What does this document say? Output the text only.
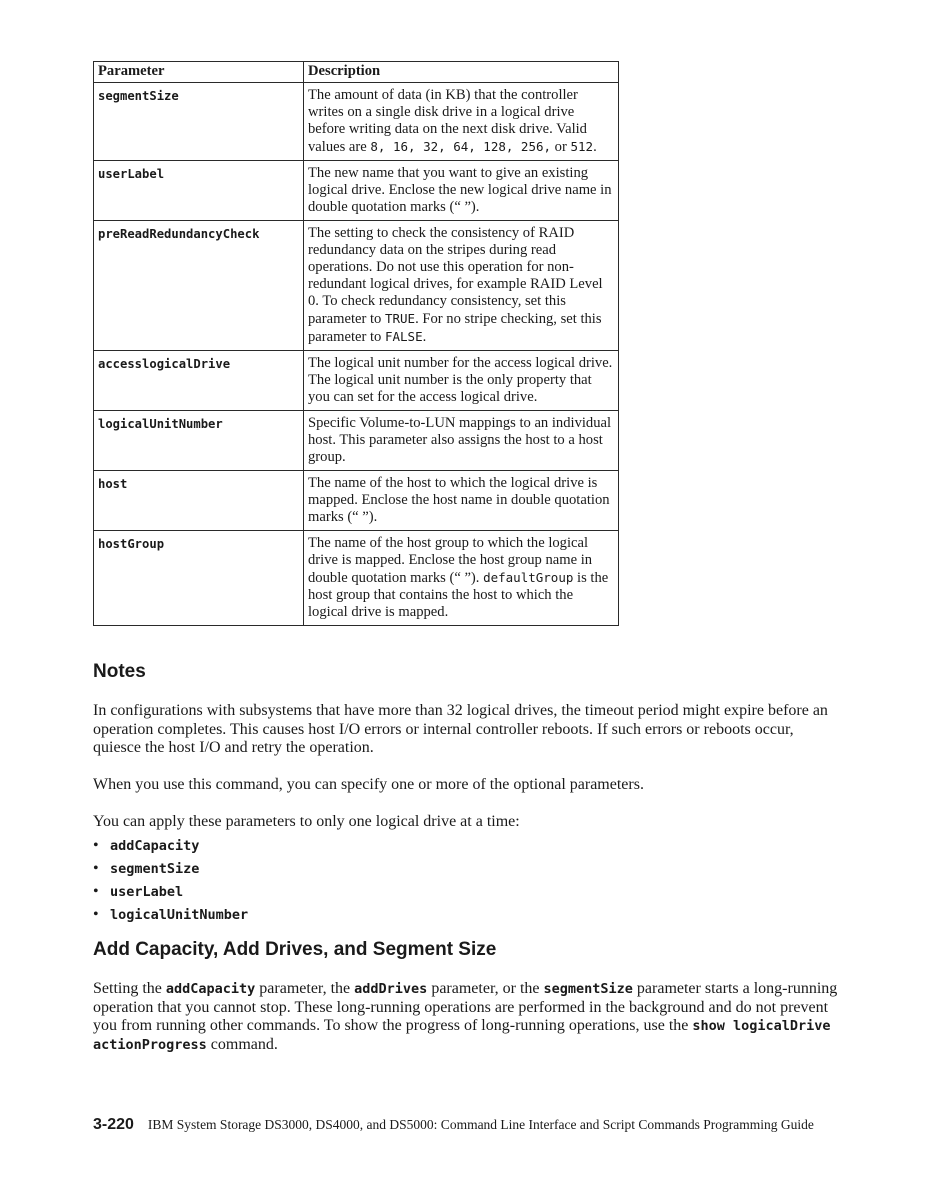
Parameter	Description
segmentSize	The amount of data (in KB) that the controller writes on a single disk drive in a logical drive before writing data on the next disk drive. Valid values are 8, 16, 32, 64, 128, 256, or 512.
userLabel	The new name that you want to give an existing logical drive. Enclose the new logical drive name in double quotation marks (“ ”).
preReadRedundancyCheck	The setting to check the consistency of RAID redundancy data on the stripes during read operations. Do not use this operation for non-redundant logical drives, for example RAID Level 0. To check redundancy consistency, set this parameter to TRUE. For no stripe checking, set this parameter to FALSE.
accesslogicalDrive	The logical unit number for the access logical drive. The logical unit number is the only property that you can set for the access logical drive.
logicalUnitNumber	Specific Volume-to-LUN mappings to an individual host. This parameter also assigns the host to a host group.
host	The name of the host to which the logical drive is mapped. Enclose the host name in double quotation marks (“ ”).
hostGroup	The name of the host group to which the logical drive is mapped. Enclose the host group name in double quotation marks (“ ”). defaultGroup is the host group that contains the host to which the logical drive is mapped.
Notes

In configurations with subsystems that have more than 32 logical drives, the timeout period might expire before an operation completes. This causes host I/O errors or internal controller reboots. If such errors or reboots occur, quiesce the host I/O and retry the operation.

When you use this command, you can specify one or more of the optional parameters.

You can apply these parameters to only one logical drive at a time:

• addCapacity
• segmentSize
• userLabel
• logicalUnitNumber
Add Capacity, Add Drives, and Segment Size

Setting the addCapacity parameter, the addDrives parameter, or the segmentSize parameter starts a long-running operation that you cannot stop. These long-running operations are performed in the background and do not prevent you from running other commands. To show the progress of long-running operations, use the show logicalDrive actionProgress command.

3-220 IBM System Storage DS3000, DS4000, and DS5000: Command Line Interface and Script Commands Programming Guide
